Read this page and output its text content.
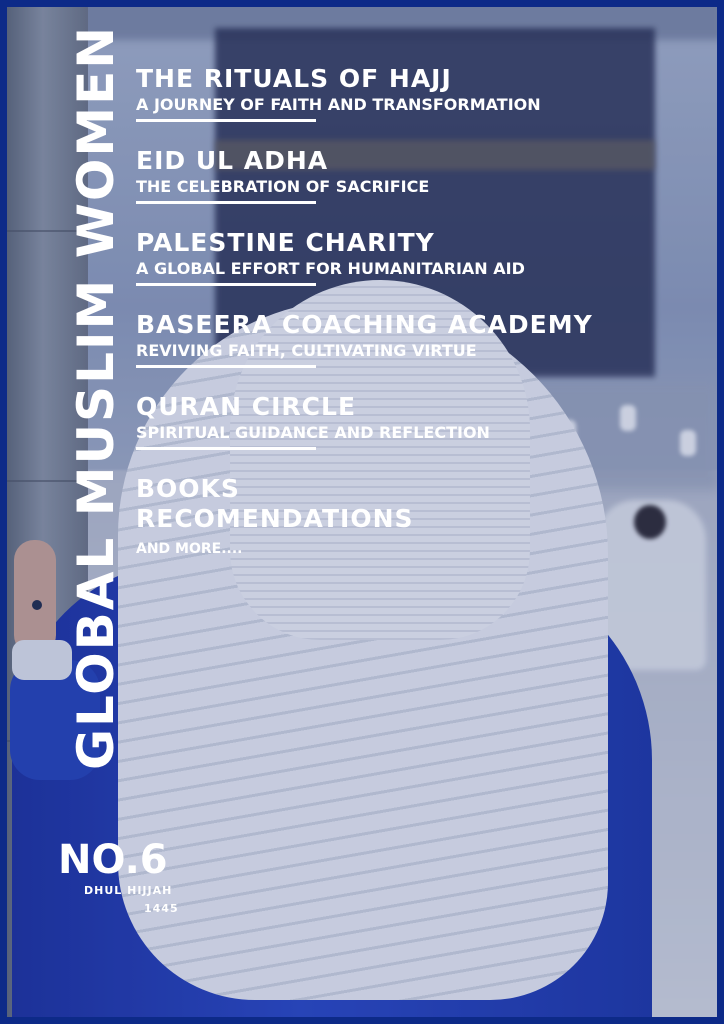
GLOBAL MUSLIM WOMEN THE RITUALS OF HAJJ
A JOURNEY OF FAITH AND TRANSFORMATION
EID UL ADHA
THE CELEBRATION OF SACRIFICE
PALESTINE CHARITY
A GLOBAL EFFORT FOR HUMANITARIAN AID
BASEERA COACHING ACADEMY
REVIVING FAITH, CULTIVATING VIRTUE
QURAN CIRCLE
SPIRITUAL GUIDANCE AND REFLECTION
BOOKS
RECOMENDATIONS
AND MORE....
NO.6
DHUL HIJJAH
1445
